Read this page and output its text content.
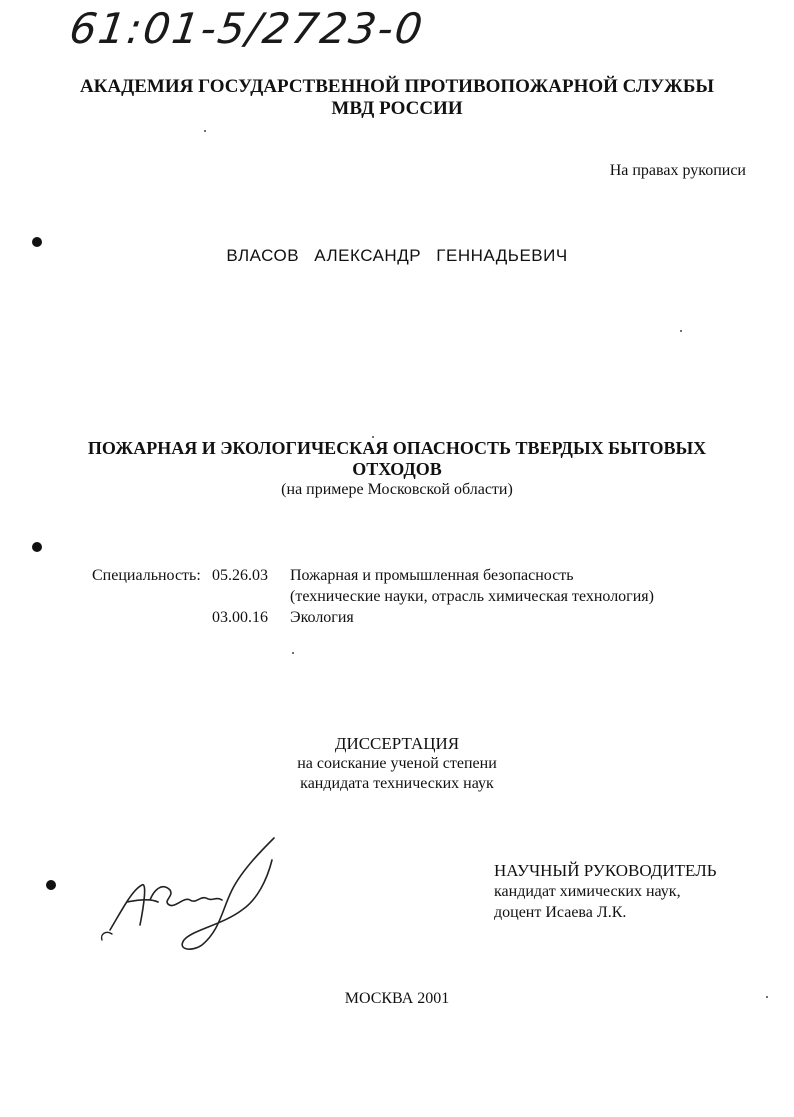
61:01-5/2723-0
АКАДЕМИЯ ГОСУДАРСТВЕННОЙ ПРОТИВОПОЖАРНОЙ СЛУЖБЫ
МВД РОССИИ
На правах рукописи
ВЛАСОВ АЛЕКСАНДР ГЕННАДЬЕВИЧ
ПОЖАРНАЯ И ЭКОЛОГИЧЕСКАЯ ОПАСНОСТЬ ТВЕРДЫХ БЫТОВЫХ
ОТХОДОВ
(на примере Московской области)
Специальность: 05.26.03	Пожарная и промышленная безопасность
(технические науки, отрасль химическая технология)
03.00.16	Экология
ДИССЕРТАЦИЯ
на соискание ученой степени
кандидата технических наук
НАУЧНЫЙ РУКОВОДИТЕЛЬ
кандидат химических наук,
доцент Исаева Л.К.
МОСКВА 2001
